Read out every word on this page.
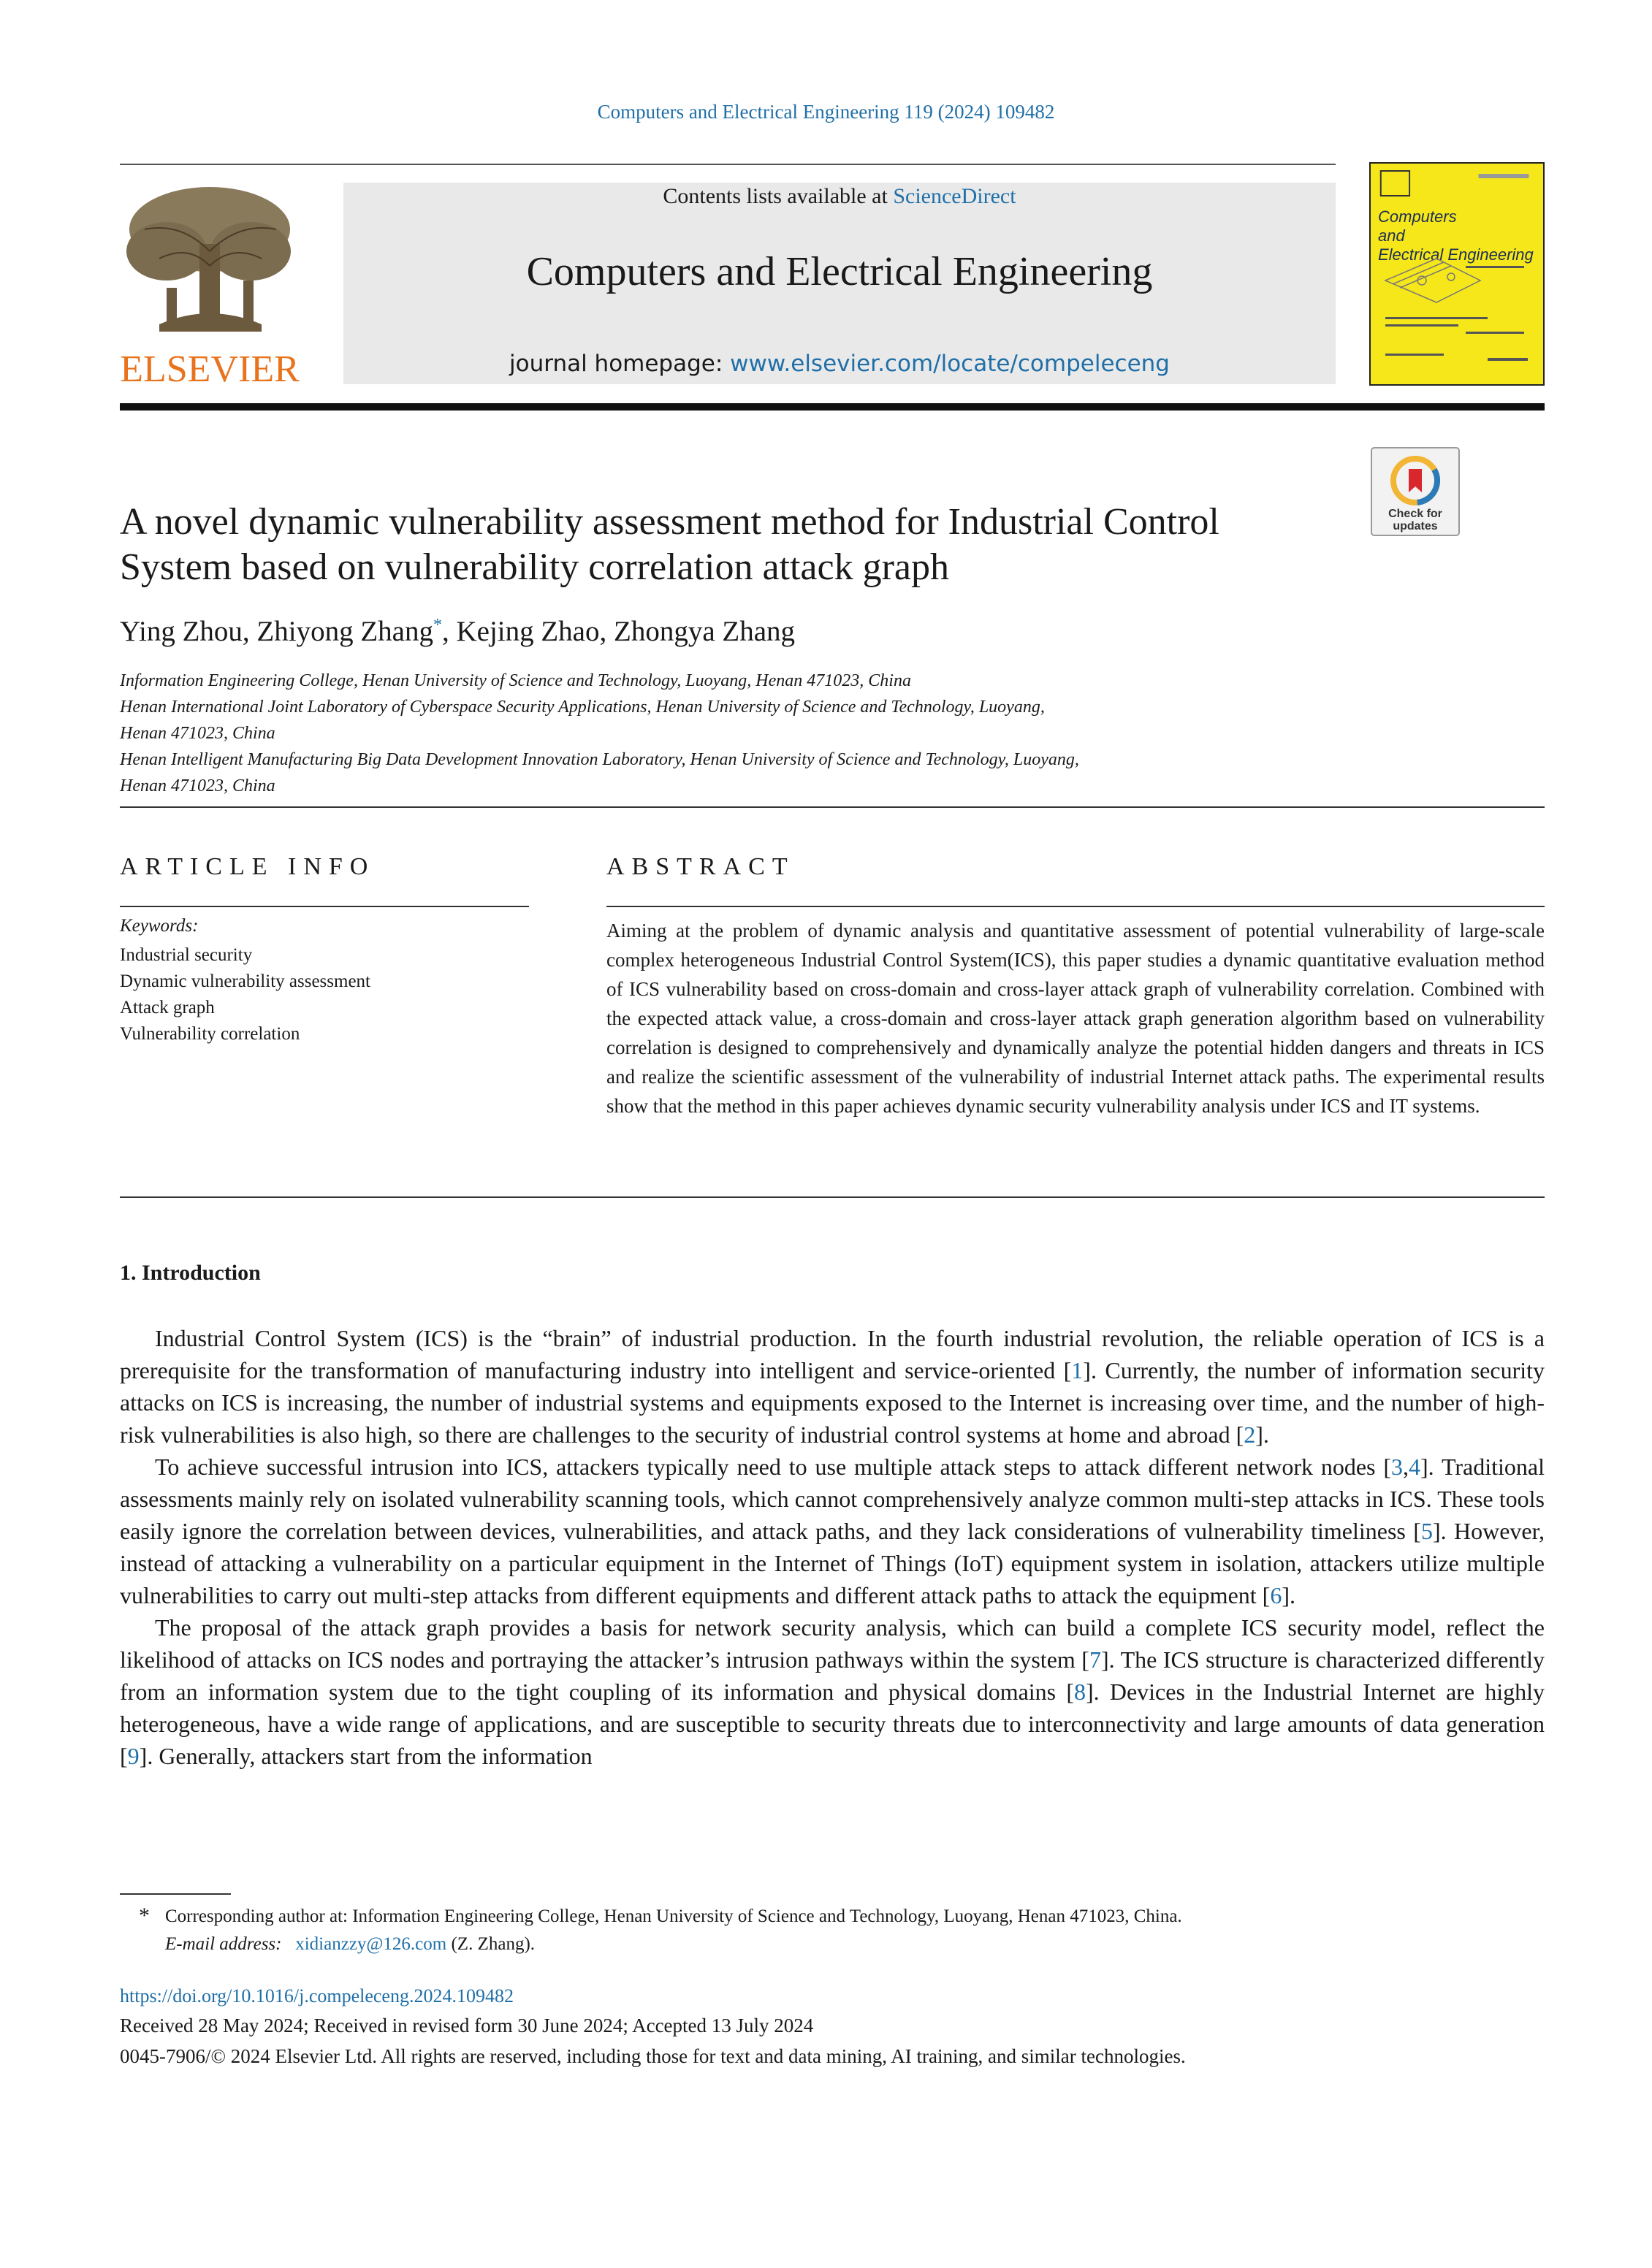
Computers and Electrical Engineering 119 (2024) 109482
ELSEVIER
Contents lists available at ScienceDirect
Computers and Electrical Engineering
journal homepage: www.elsevier.com/locate/compeleceng
Computers
and
Electrical Engineering
Check for
updates
A novel dynamic vulnerability assessment method for Industrial Control System based on vulnerability correlation attack graph
Ying Zhou, Zhiyong Zhang*, Kejing Zhao, Zhongya Zhang
Information Engineering College, Henan University of Science and Technology, Luoyang, Henan 471023, China
Henan International Joint Laboratory of Cyberspace Security Applications, Henan University of Science and Technology, Luoyang, Henan 471023, China
Henan Intelligent Manufacturing Big Data Development Innovation Laboratory, Henan University of Science and Technology, Luoyang, Henan 471023, China
ARTICLE INFO
Keywords:
Industrial security
Dynamic vulnerability assessment
Attack graph
Vulnerability correlation
ABSTRACT
Aiming at the problem of dynamic analysis and quantitative assessment of potential vulnerability of large-scale complex heterogeneous Industrial Control System(ICS), this paper studies a dynamic quantitative evaluation method of ICS vulnerability based on cross-domain and cross-layer attack graph of vulnerability correlation. Combined with the expected attack value, a cross-domain and cross-layer attack graph generation algorithm based on vulnerability correlation is designed to comprehensively and dynamically analyze the potential hidden dangers and threats in ICS and realize the scientific assessment of the vulnerability of industrial Internet attack paths. The experimental results show that the method in this paper achieves dynamic security vulnerability analysis under ICS and IT systems.
1. Introduction

Industrial Control System (ICS) is the “brain” of industrial production. In the fourth industrial revolution, the reliable operation of ICS is a prerequisite for the transformation of manufacturing industry into intelligent and service-oriented [1]. Currently, the number of information security attacks on ICS is increasing, the number of industrial systems and equipments exposed to the Internet is increasing over time, and the number of high-risk vulnerabilities is also high, so there are challenges to the security of industrial control systems at home and abroad [2].

To achieve successful intrusion into ICS, attackers typically need to use multiple attack steps to attack different network nodes [3,4]. Traditional assessments mainly rely on isolated vulnerability scanning tools, which cannot comprehensively analyze common multi-step attacks in ICS. These tools easily ignore the correlation between devices, vulnerabilities, and attack paths, and they lack considerations of vulnerability timeliness [5]. However, instead of attacking a vulnerability on a particular equipment in the Internet of Things (IoT) equipment system in isolation, attackers utilize multiple vulnerabilities to carry out multi-step attacks from different equipments and different attack paths to attack the equipment [6].

The proposal of the attack graph provides a basis for network security analysis, which can build a complete ICS security model, reflect the likelihood of attacks on ICS nodes and portraying the attacker’s intrusion pathways within the system [7]. The ICS structure is characterized differently from an information system due to the tight coupling of its information and physical domains [8]. Devices in the Industrial Internet are highly heterogeneous, have a wide range of applications, and are susceptible to security threats due to interconnectivity and large amounts of data generation [9]. Generally, attackers start from the information

* Corresponding author at: Information Engineering College, Henan University of Science and Technology, Luoyang, Henan 471023, China.
E-mail address: xidianzzy@126.com (Z. Zhang).
https://doi.org/10.1016/j.compeleceng.2024.109482
Received 28 May 2024; Received in revised form 30 June 2024; Accepted 13 July 2024
0045-7906/© 2024 Elsevier Ltd. All rights are reserved, including those for text and data mining, AI training, and similar technologies.
